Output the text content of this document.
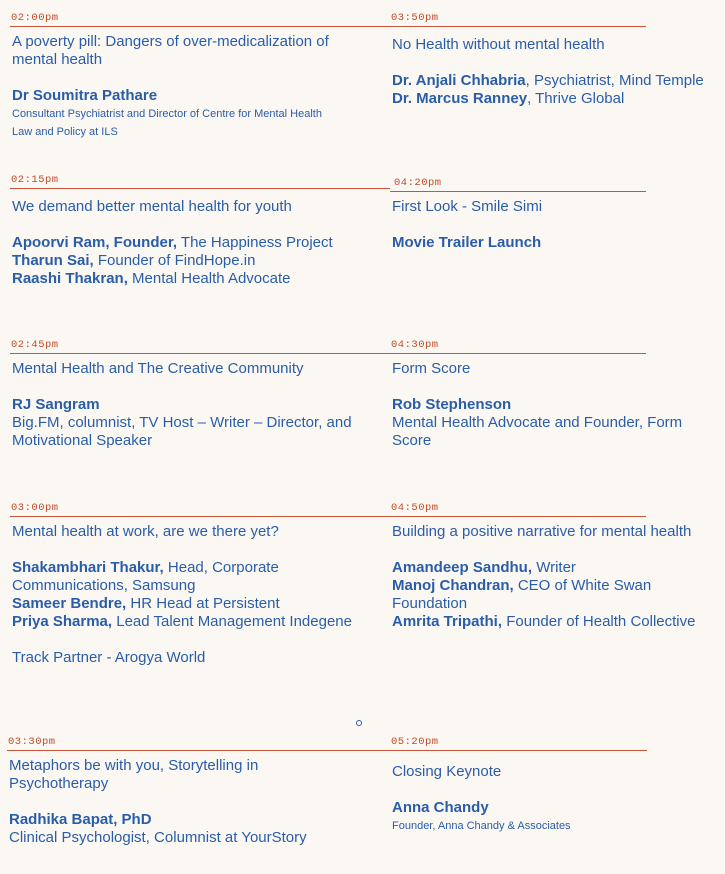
02:00pm
A poverty pill: Dangers of over-medicalization of mental health
Dr Soumitra Pathare
Consultant Psychiatrist and Director of Centre for Mental Health Law and Policy at ILS
03:50pm
No Health without mental health
Dr. Anjali Chhabria, Psychiatrist, Mind Temple
Dr. Marcus Ranney, Thrive Global
02:15pm
We demand better mental health for youth
Apoorvi Ram, Founder, The Happiness Project
Tharun Sai, Founder of FindHope.in
Raashi Thakran, Mental Health Advocate
04:20pm
First Look - Smile Simi
Movie Trailer Launch
02:45pm
Mental Health and The Creative Community
RJ Sangram
Big.FM, columnist, TV Host – Writer – Director, and Motivational Speaker
04:30pm
Form Score
Rob Stephenson
Mental Health Advocate and Founder, Form Score
03:00pm
Mental health at work, are we there yet?
Shakambhari Thakur, Head, Corporate Communications, Samsung
Sameer Bendre, HR Head at Persistent
Priya Sharma, Lead Talent Management Indegene
Track Partner - Arogya World
04:50pm
Building a positive narrative for mental health
Amandeep Sandhu, Writer
Manoj Chandran, CEO of White Swan Foundation
Amrita Tripathi, Founder of Health Collective
03:30pm
Metaphors be with you, Storytelling in Psychotherapy
Radhika Bapat, PhD
Clinical Psychologist, Columnist at YourStory
05:20pm
Closing Keynote
Anna Chandy
Founder, Anna Chandy & Associates
